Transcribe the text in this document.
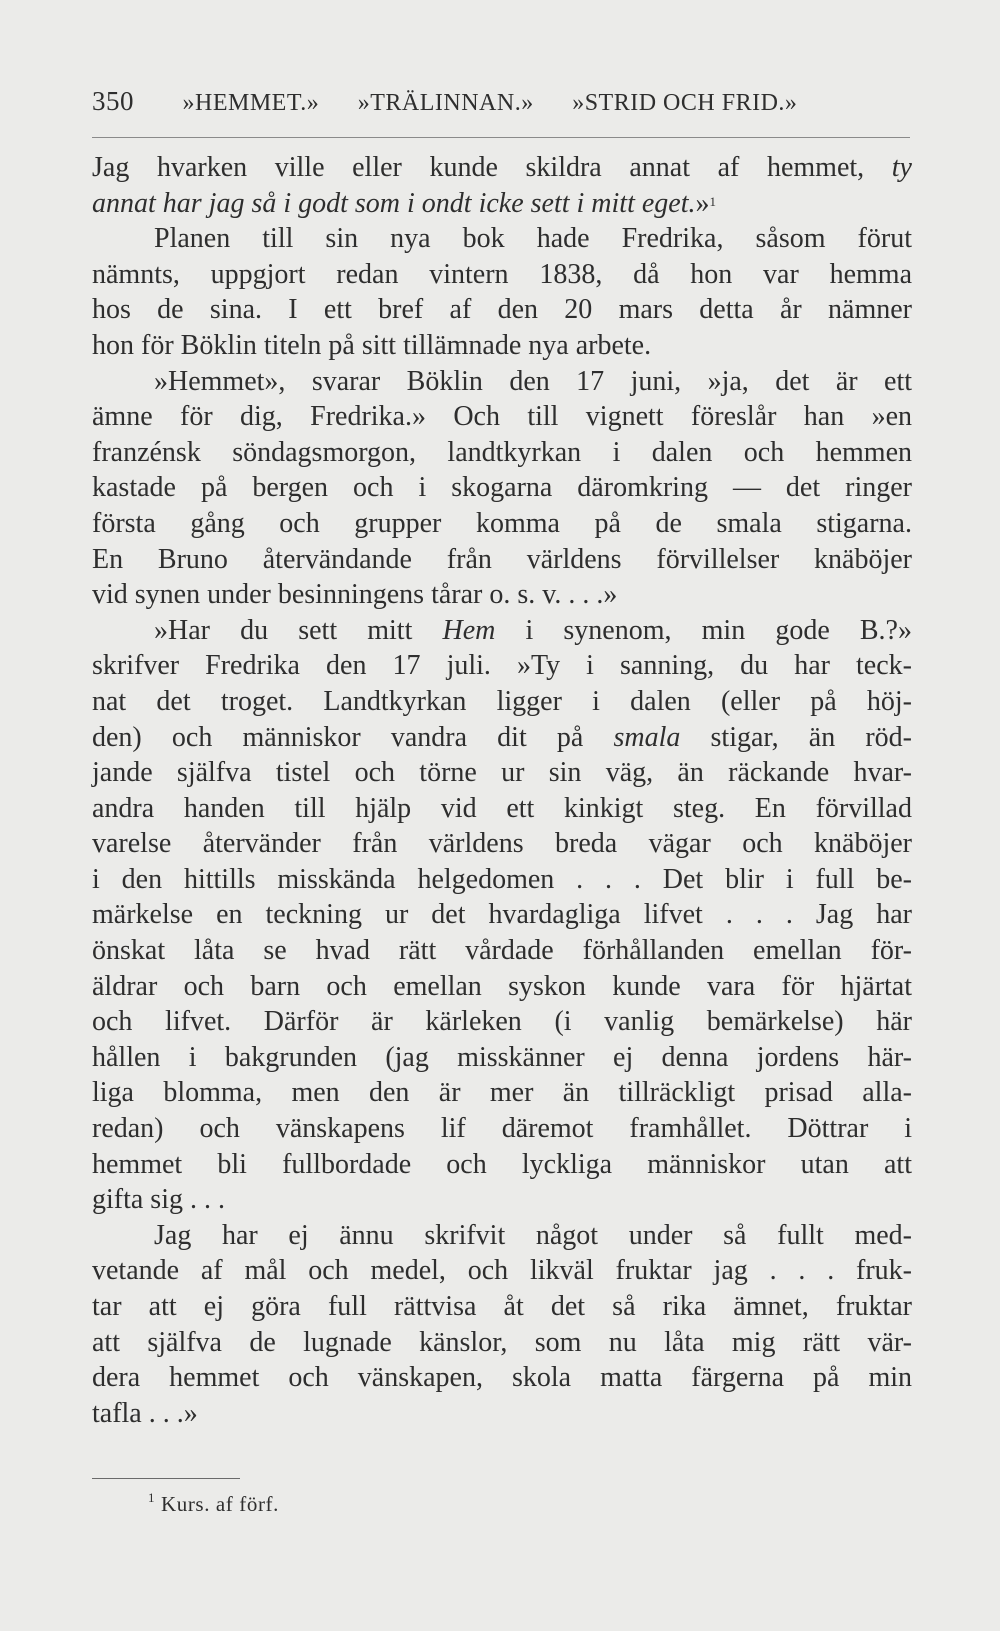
350 »HEMMET.» »TRÄLINNAN.» »STRID OCH FRID.»
Jag hvarken ville eller kunde skildra annat af hemmet, ty
annat har jag så i godt som i ondt icke sett i mitt eget.»$^1$
Planen till sin nya bok hade Fredrika, såsom förut
nämnts, uppgjort redan vintern 1838, då hon var hemma
hos de sina. I ett bref af den 20 mars detta år nämner
hon för Böklin titeln på sitt tillämnade nya arbete.
»Hemmet», svarar Böklin den 17 juni, »ja, det är ett
ämne för dig, Fredrika.» Och till vignett föreslår han »en
franzénsk söndagsmorgon, landtkyrkan i dalen och hemmen
kastade på bergen och i skogarna däromkring — det ringer
första gång och grupper komma på de smala stigarna.
En Bruno återvändande från världens förvillelser knäböjer
vid synen under besinningens tårar o. s. v. . . .»
»Har du sett mitt Hem i synenom, min gode B.?»
skrifver Fredrika den 17 juli. »Ty i sanning, du har teck-
nat det troget. Landtkyrkan ligger i dalen (eller på höj-
den) och människor vandra dit på smala stigar, än röd-
jande själfva tistel och törne ur sin väg, än räckande hvar-
andra handen till hjälp vid ett kinkigt steg. En förvillad
varelse återvänder från världens breda vägar och knäböjer
i den hittills misskända helgedomen . . . Det blir i full be-
märkelse en teckning ur det hvardagliga lifvet . . . Jag har
önskat låta se hvad rätt vårdade förhållanden emellan för-
äldrar och barn och emellan syskon kunde vara för hjärtat
och lifvet. Därför är kärleken (i vanlig bemärkelse) här
hållen i bakgrunden (jag misskänner ej denna jordens här-
liga blomma, men den är mer än tillräckligt prisad alla-
redan) och vänskapens lif däremot framhållet. Döttrar i
hemmet bli fullbordade och lyckliga människor utan att
gifta sig . . .
Jag har ej ännu skrifvit något under så fullt med-
vetande af mål och medel, och likväl fruktar jag . . . fruk-
tar att ej göra full rättvisa åt det så rika ämnet, fruktar
att själfva de lugnade känslor, som nu låta mig rätt vär-
dera hemmet och vänskapen, skola matta färgerna på min
tafla . . .»
$^1$ Kurs. af förf.
